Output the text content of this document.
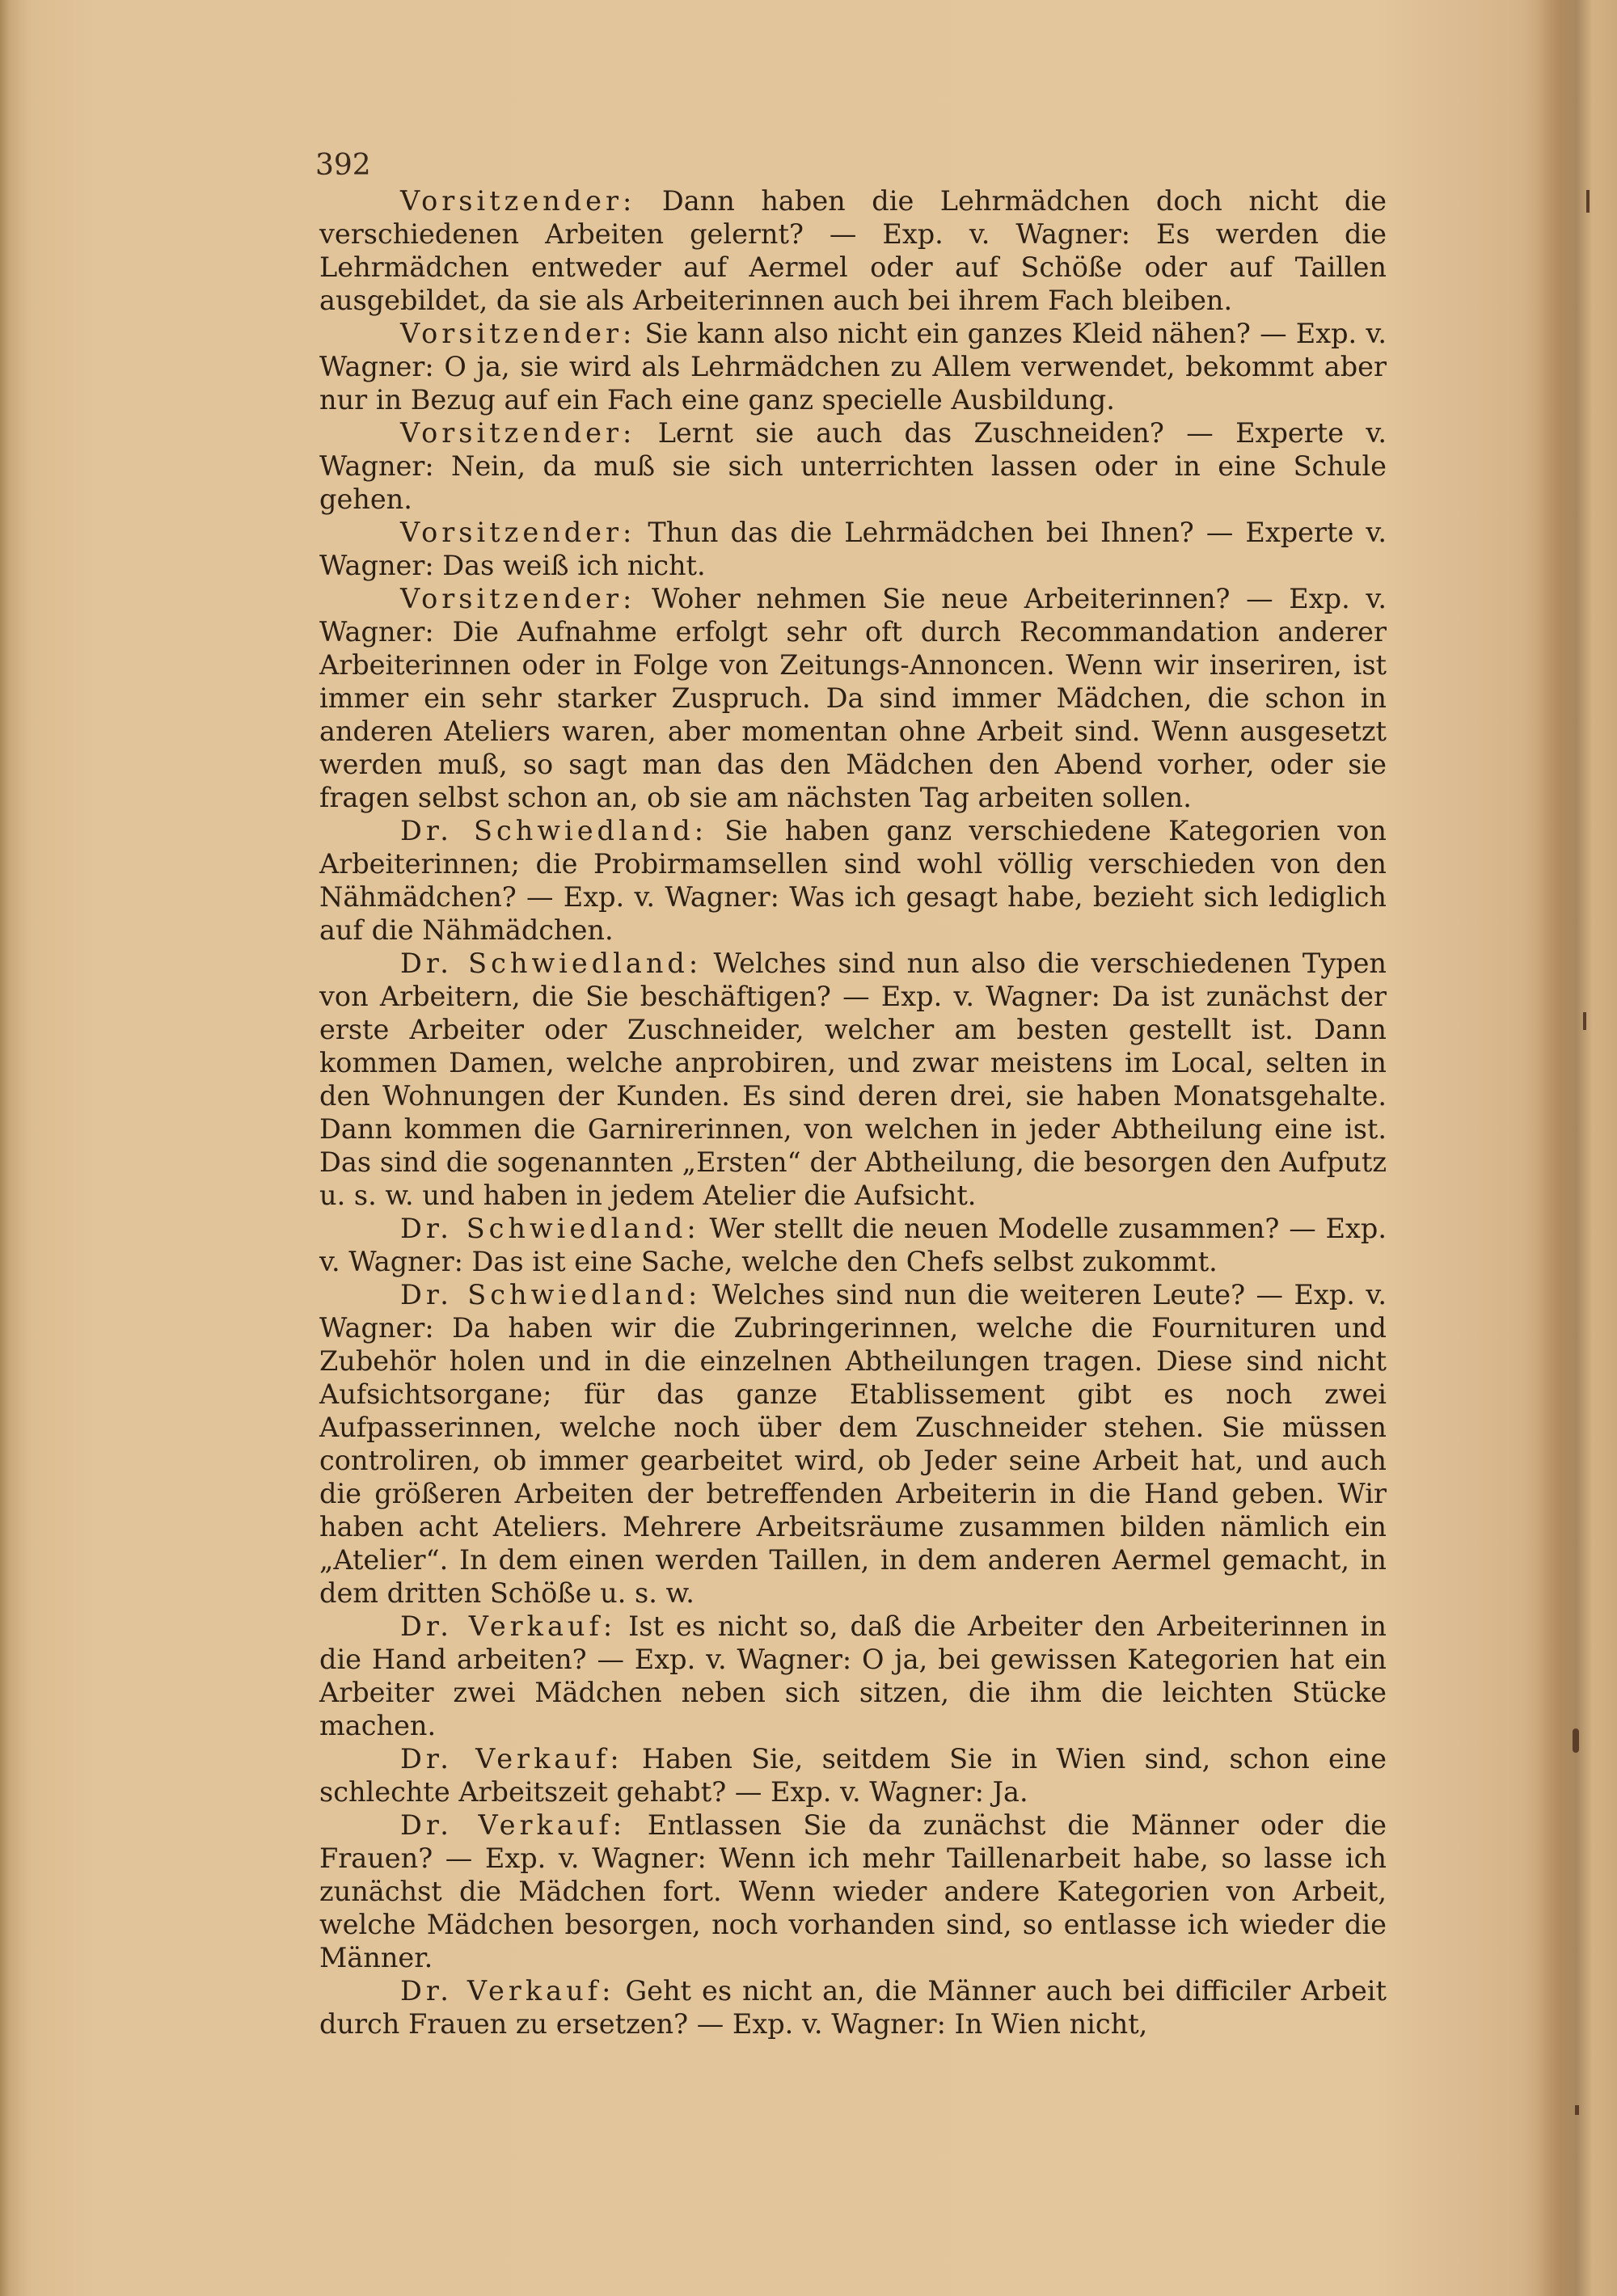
392

Vorsitzender: Dann haben die Lehrmädchen doch nicht die verschiedenen Arbeiten gelernt? — Exp. v. Wagner: Es werden die Lehrmädchen entweder auf Aermel oder auf Schöße oder auf Taillen ausgebildet, da sie als Arbeiterinnen auch bei ihrem Fach bleiben.

Vorsitzender: Sie kann also nicht ein ganzes Kleid nähen? — Exp. v. Wagner: O ja, sie wird als Lehrmädchen zu Allem verwendet, bekommt aber nur in Bezug auf ein Fach eine ganz specielle Ausbildung.

Vorsitzender: Lernt sie auch das Zuschneiden? — Experte v. Wagner: Nein, da muß sie sich unterrichten lassen oder in eine Schule gehen.

Vorsitzender: Thun das die Lehrmädchen bei Ihnen? — Experte v. Wagner: Das weiß ich nicht.

Vorsitzender: Woher nehmen Sie neue Arbeiterinnen? — Exp. v. Wagner: Die Aufnahme erfolgt sehr oft durch Recommandation anderer Arbeiterinnen oder in Folge von Zeitungs-Annoncen. Wenn wir inseriren, ist immer ein sehr starker Zuspruch. Da sind immer Mädchen, die schon in anderen Ateliers waren, aber momentan ohne Arbeit sind. Wenn ausgesetzt werden muß, so sagt man das den Mädchen den Abend vorher, oder sie fragen selbst schon an, ob sie am nächsten Tag arbeiten sollen.

Dr. Schwiedland: Sie haben ganz verschiedene Kategorien von Arbeiterinnen; die Probirmamsellen sind wohl völlig verschieden von den Nähmädchen? — Exp. v. Wagner: Was ich gesagt habe, bezieht sich lediglich auf die Nähmädchen.

Dr. Schwiedland: Welches sind nun also die verschiedenen Typen von Arbeitern, die Sie beschäftigen? — Exp. v. Wagner: Da ist zunächst der erste Arbeiter oder Zuschneider, welcher am besten gestellt ist. Dann kommen Damen, welche anprobiren, und zwar meistens im Local, selten in den Wohnungen der Kunden. Es sind deren drei, sie haben Monatsgehalte. Dann kommen die Garnirerinnen, von welchen in jeder Abtheilung eine ist. Das sind die sogenannten „Ersten“ der Abtheilung, die besorgen den Aufputz u. s. w. und haben in jedem Atelier die Aufsicht.

Dr. Schwiedland: Wer stellt die neuen Modelle zusammen? — Exp. v. Wagner: Das ist eine Sache, welche den Chefs selbst zukommt.

Dr. Schwiedland: Welches sind nun die weiteren Leute? — Exp. v. Wagner: Da haben wir die Zubringerinnen, welche die Fournituren und Zubehör holen und in die einzelnen Abtheilungen tragen. Diese sind nicht Aufsichtsorgane; für das ganze Etablissement gibt es noch zwei Aufpasserinnen, welche noch über dem Zuschneider stehen. Sie müssen controliren, ob immer gearbeitet wird, ob Jeder seine Arbeit hat, und auch die größeren Arbeiten der betreffenden Arbeiterin in die Hand geben. Wir haben acht Ateliers. Mehrere Arbeitsräume zusammen bilden nämlich ein „Atelier“. In dem einen werden Taillen, in dem anderen Aermel gemacht, in dem dritten Schöße u. s. w.

Dr. Verkauf: Ist es nicht so, daß die Arbeiter den Arbeiterinnen in die Hand arbeiten? — Exp. v. Wagner: O ja, bei gewissen Kategorien hat ein Arbeiter zwei Mädchen neben sich sitzen, die ihm die leichten Stücke machen.

Dr. Verkauf: Haben Sie, seitdem Sie in Wien sind, schon eine schlechte Arbeitszeit gehabt? — Exp. v. Wagner: Ja.

Dr. Verkauf: Entlassen Sie da zunächst die Männer oder die Frauen? — Exp. v. Wagner: Wenn ich mehr Taillenarbeit habe, so lasse ich zunächst die Mädchen fort. Wenn wieder andere Kategorien von Arbeit, welche Mädchen besorgen, noch vorhanden sind, so entlasse ich wieder die Männer.

Dr. Verkauf: Geht es nicht an, die Männer auch bei difficiler Arbeit durch Frauen zu ersetzen? — Exp. v. Wagner: In Wien nicht,
